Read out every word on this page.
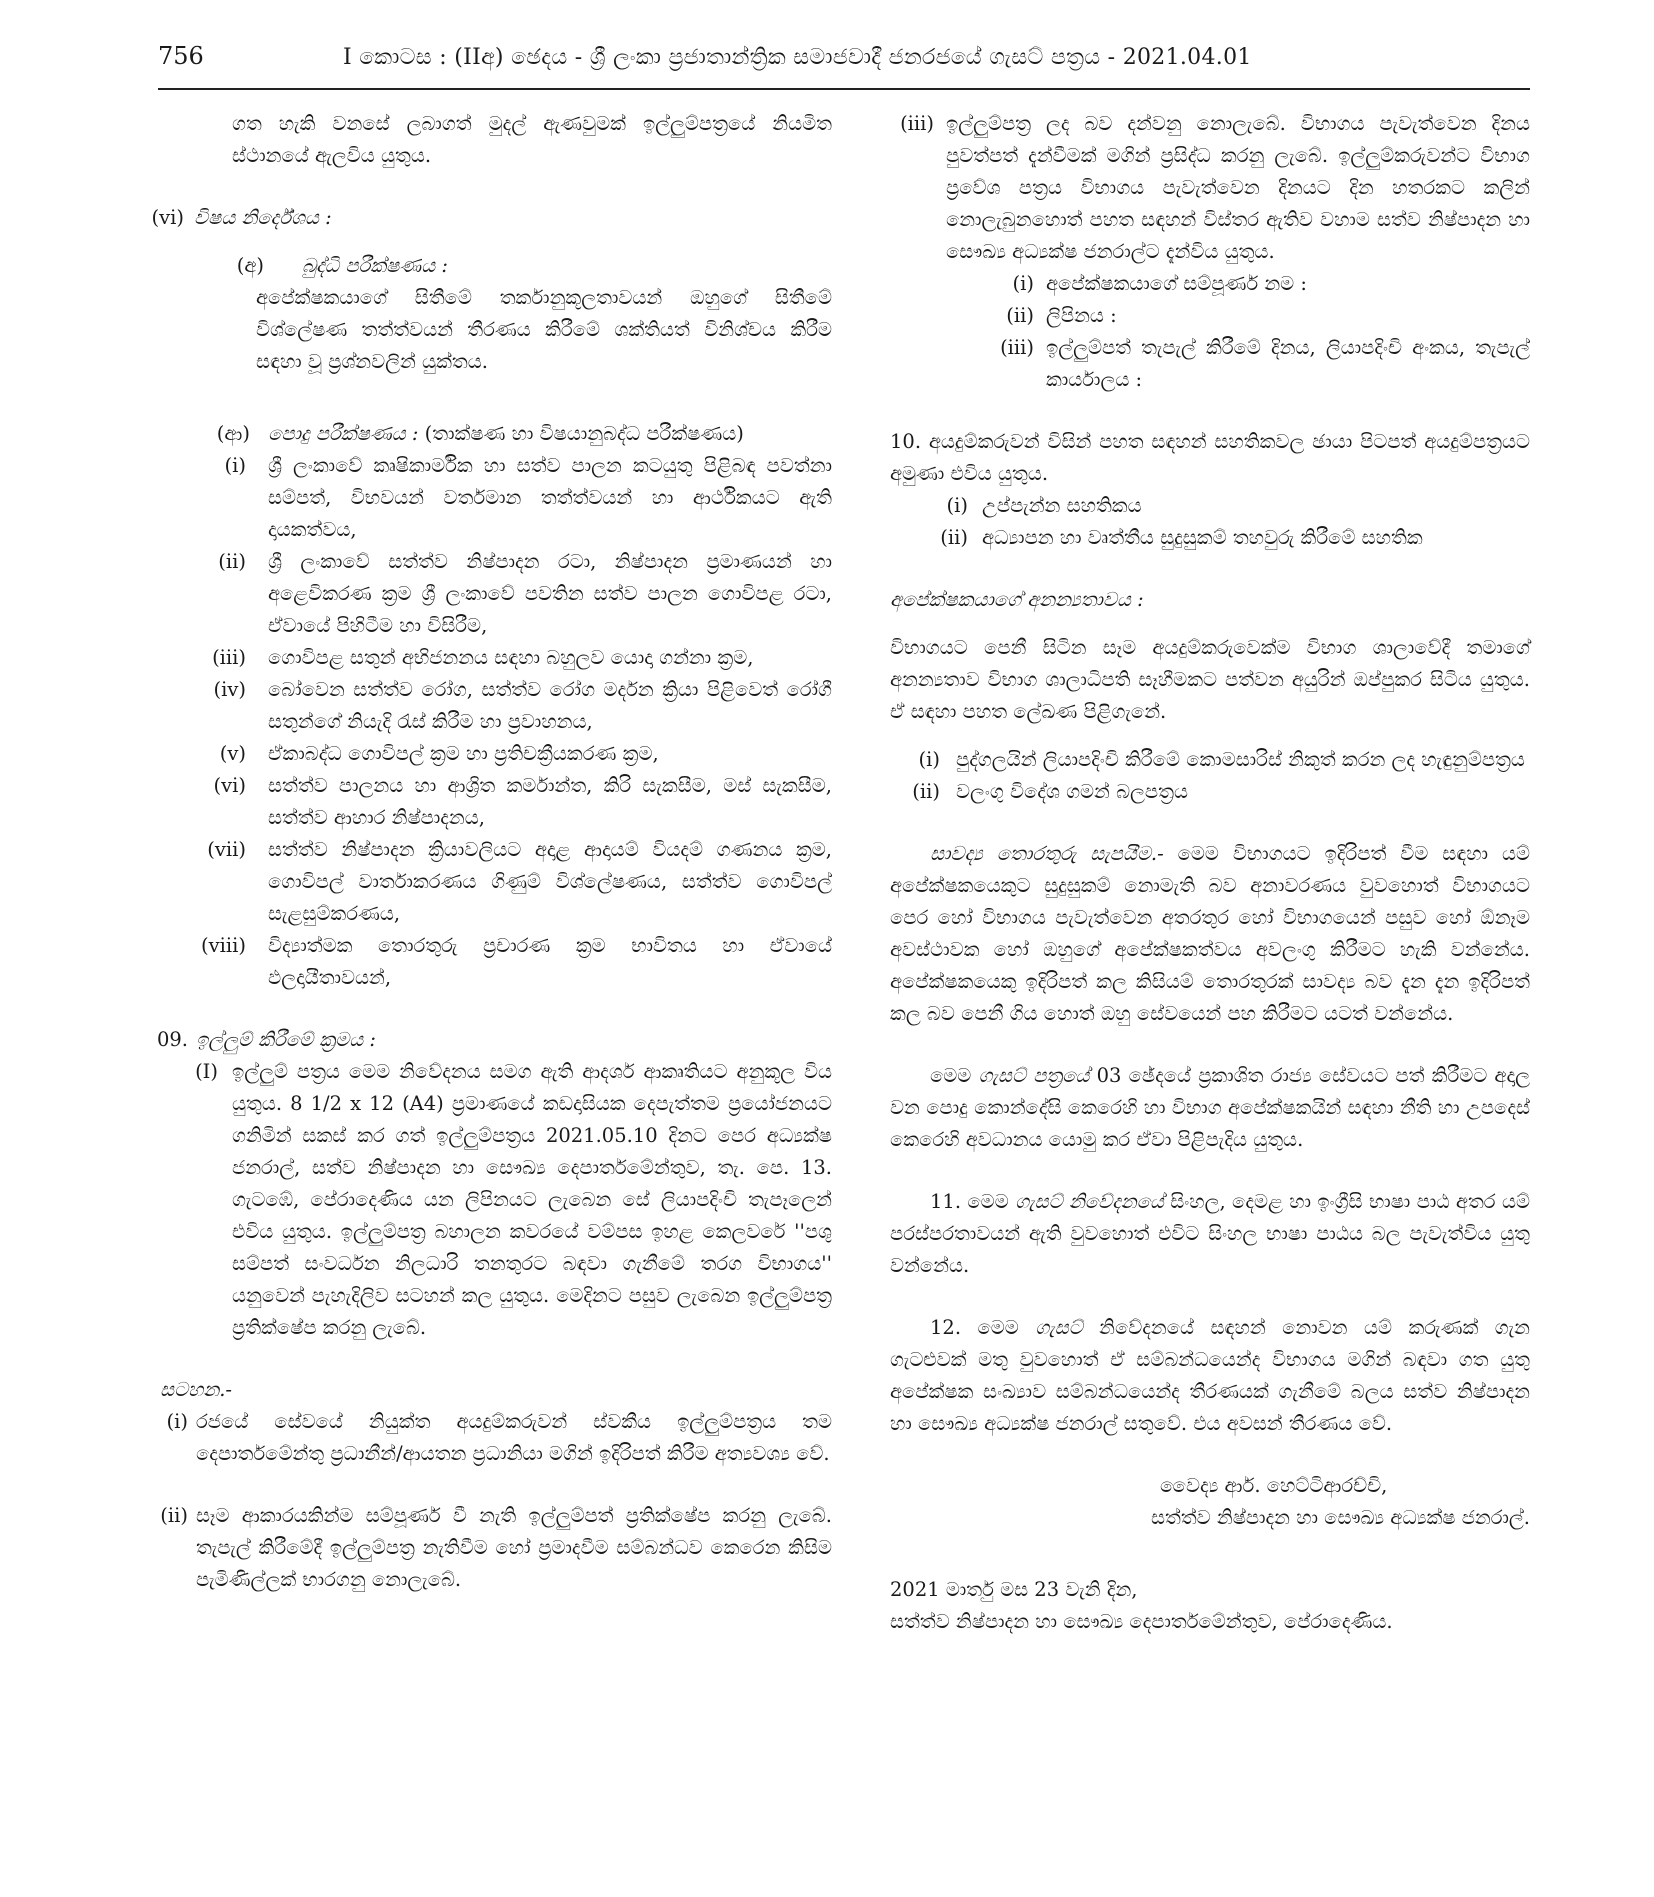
756	I කොටස : (IIඅ) ඡෙදය - ශ්‍රී ලංකා ප්‍රජාතාන්ත්‍රික සමාජවාදී ජනරජයේ ගැසට් පත්‍රය - 2021.04.01
ගත හැකි වනසේ ලබාගත් මුදල් ඇණවුමක් ඉල්ලුම්පත්‍රයේ නියමිත ස්ථානයේ ඇලවිය යුතුය.
(vi) විෂය නිර්දේශය :
(අ) බුද්ධි පරීක්ෂණය :
අපේක්ෂකයාගේ සිතීමේ තර්කානුකූලතාවයන් ඔහුගේ සිතීමේ විශ්ලේෂණ තත්ත්වයන් තීරණය කිරීමේ ශක්තියත් විනිශ්චය කිරීම සඳහා වූ ප්‍රශ්නවලින් යුක්තය.
(ආ) පොදු පරීක්ෂණය : (තාක්ෂණ හා විෂයානුබද්ධ පරීක්ෂණය)
(i) ශ්‍රී ලංකාවේ කෘෂිකාර්මික හා සත්ව පාලන කටයුතු පිළිබඳ පවත්නා සම්පත්, විභවයන් වර්තමාන තත්ත්වයන් හා ආර්ථිකයට ඇති දායකත්වය,
(ii) ශ්‍රී ලංකාවේ සත්ත්ව නිෂ්පාදන රටා, නිෂ්පාදන ප්‍රමාණයන් හා අළෙවිකරණ ක්‍රම ශ්‍රී ලංකාවේ පවතින සත්ව පාලන ගොවිපළ රටා, ඒවායේ පිහිටීම හා විසිරීම,
(iii) ගොවිපළ සතුන් අභිජනනය සඳහා බහුලව යොදා ගන්නා ක්‍රම,
(iv) බෝවෙන සත්ත්ව රෝග, සත්ත්ව රෝග මර්දන ක්‍රියා පිළිවෙත් රෝගී සතුන්ගේ නියැදි රැස් කිරීම හා ප්‍රවාහනය,
(v) ඒකාබද්ධ ගොවිපල් ක්‍රම හා ප්‍රතිචක්‍රීයකරණ ක්‍රම,
(vi) සත්ත්ව පාලනය හා ආශ්‍රිත කර්මාන්ත, කිරි සැකසීම, මස් සැකසීම, සත්ත්ව ආහාර නිෂ්පාදනය,
(vii) සත්ත්ව නිෂ්පාදන ක්‍රියාවලියට අදාළ ආදායම් වියදම් ගණනය ක්‍රම, ගොවිපල් වාර්තාකරණය ගිණුම් විශ්ලේෂණය, සත්ත්ව ගොවිපල් සැළසුම්කරණය,
(viii) විද්‍යාත්මක තොරතුරු ප්‍රචාරණ ක්‍රම භාවිතය හා ඒවායේ ඵලදායීතාවයන්,
09. ඉල්ලුම් කිරීමේ ක්‍රමය :
(I) ඉල්ලුම් පත්‍රය මෙම නිවේදනය සමග ඇති ආදර්ශ ආකෘතියට අනුකූල විය යුතුය. 8 1/2 x 12 (A4) ප්‍රමාණයේ කඩදාසියක දෙපැත්තම ප්‍රයෝජනයට ගනිමින් සකස් කර ගත් ඉල්ලුම්පත්‍රය 2021.05.10 දිනට පෙර අධ්‍යක්ෂ ජනරාල්, සත්ව නිෂ්පාදන හා සෞඛ්‍ය දෙපාර්තමේන්තුව, තැ. පෙ. 13. ගැටඹේ, පේරාදෙණිය යන ලිපිනයට ලැබෙන සේ ලියාපදිංචි තැපෑලෙන් එවිය යුතුය. ඉල්ලුම්පත්‍ර බහාලන කවරයේ වම්පස ඉහළ කෙලවරේ ''පශු සම්පත් සංවර්ධන නිලධාරි තනතුරට බඳවා ගැනීමේ තරග විභාගය'' යනුවෙන් පැහැදිලිව සටහන් කල යුතුය. මෙදිනට පසුව ලැබෙන ඉල්ලුම්පත්‍ර ප්‍රතික්ෂේප කරනු ලැබේ.
සටහන.-
(i) රජයේ සේවයේ නියුක්ත අයදුම්කරුවන් ස්වකීය ඉල්ලුම්පත්‍රය තම දෙපාර්තමේන්තු ප්‍රධානීන්/ආයතන ප්‍රධානියා මගින් ඉදිරිපත් කිරීම අත්‍යවශ්‍ය වේ.
(ii) සෑම ආකාරයකින්ම සම්පූර්ණ වී නැති ඉල්ලුම්පත් ප්‍රතික්ෂේප කරනු ලැබේ. තැපැල් කිරීමේදී ඉල්ලුම්පත්‍ර නැතිවීම හෝ ප්‍රමාදවීම සම්බන්ධව කෙරෙන කිසිම පැමිණිල්ලක් භාරගනු නොලැබේ.
(iii) ඉල්ලුම්පත්‍ර ලද බව දන්වනු නොලැබේ. විභාගය පැවැත්වෙන දිනය පුවත්පත් දැන්වීමක් මගින් ප්‍රසිද්ධ කරනු ලැබේ. ඉල්ලුම්කරුවන්ට විභාග ප්‍රවේශ පත්‍රය විභාගය පැවැත්වෙන දිනයට දින හතරකට කලින් නොලැබුනහොත් පහත සඳහන් විස්තර ඇතිව වහාම සත්ව නිෂ්පාදන හා සෞඛ්‍ය අධ්‍යක්ෂ ජනරාල්ට දැන්විය යුතුය.
(i) අපේක්ෂකයාගේ සම්පූර්ණ නම :
(ii) ලිපිනය :
(iii) ඉල්ලුම්පත් තැපැල් කිරීමේ දිනය, ලියාපදිංචි අංකය, තැපැල් කාර්යාලය :
10. අයදුම්කරුවන් විසින් පහත සඳහන් සහතිකවල ඡායා පිටපත් අයදුම්පත්‍රයට අමුණා එවිය යුතුය.
(i) උප්පැන්න සහතිකය
(ii) අධ්‍යාපන හා වෘත්තීය සුදුසුකම් තහවුරු කිරීමේ සහතික
අපේක්ෂකයාගේ අනන්‍යතාවය :
විභාගයට පෙනී සිටින සෑම අයදුම්කරුවෙක්ම විභාග ශාලාවේදී තමාගේ අනන්‍යතාව විභාග ශාලාධිපති සෑහීමකට පත්වන අයුරින් ඔප්පුකර සිටිය යුතුය. ඒ සඳහා පහත ලේඛණ පිළිගැනේ.
(i) පුද්ගලයින් ලියාපදිංචි කිරීමේ කොමසාරිස් නිකුත් කරන ලද හැඳුනුම්පත්‍රය
(ii) වලංගු විදේශ ගමන් බලපත්‍රය
සාවද්‍ය තොරතුරු සැපයීම.- මෙම විභාගයට ඉදිරිපත් වීම සඳහා යම් අපේක්ෂකයෙකුට සුදුසුකම් නොමැති බව අනාවරණය වුවහොත් විභාගයට පෙර හෝ විභාගය පැවැත්වෙන අතරතුර හෝ විභාගයෙන් පසුව හෝ ඕනෑම අවස්ථාවක හෝ ඔහුගේ අපේක්ෂකත්වය අවලංගු කිරීමට හැකි වන්නේය. අපේක්ෂකයෙකු ඉදිරිපත් කල කිසියම් තොරතුරක් සාවද්‍ය බව දැන දැන ඉදිරිපත් කල බව පෙනී ගිය හොත් ඔහු සේවයෙන් පහ කිරීමට යටත් වන්නේය.
මෙම ගැසට් පත්‍රයේ 03 ඡේදයේ ප්‍රකාශිත රාජ්‍ය සේවයට පත් කිරීමට අදාල වන පොදු කොන්දේසි කෙරෙහි හා විභාග අපේක්ෂකයින් සඳහා නීති හා උපදෙස් කෙරෙහි අවධානය යොමු කර ඒවා පිළිපැදිය යුතුය.
11. මෙම ගැසට් නිවේදනයේ සිංහල, දෙමළ හා ඉංග්‍රීසි භාෂා පාඨ අතර යම් පරස්පරතාවයන් ඇති වුවහොත් එවිට සිංහල භාෂා පාඨය බල පැවැත්විය යුතු වන්නේය.
12. මෙම ගැසට් නිවේදනයේ සඳහන් නොවන යම් කරුණක් ගැන ගැටළුවක් මතු වුවහොත් ඒ සම්බන්ධයෙන්ද විභාගය මගින් බඳවා ගත යුතු අපේක්ෂක සංඛ්‍යාව සම්බන්ධයෙන්ද තීරණයක් ගැනීමේ බලය සත්ව නිෂ්පාදන හා සෞඛ්‍ය අධ්‍යක්ෂ ජනරාල් සතුවේ. එය අවසන් තීරණය වේ.
වෛද්‍ය ආර්. හෙට්ටිආරච්චි,
සත්ත්ව නිෂ්පාදන හා සෞඛ්‍ය අධ්‍යක්ෂ ජනරාල්.
2021 මාර්තු මස 23 වැනි දින,
සත්ත්ව නිෂ්පාදන හා සෞඛ්‍ය දෙපාර්තමේන්තුව, පේරාදෙණිය.
